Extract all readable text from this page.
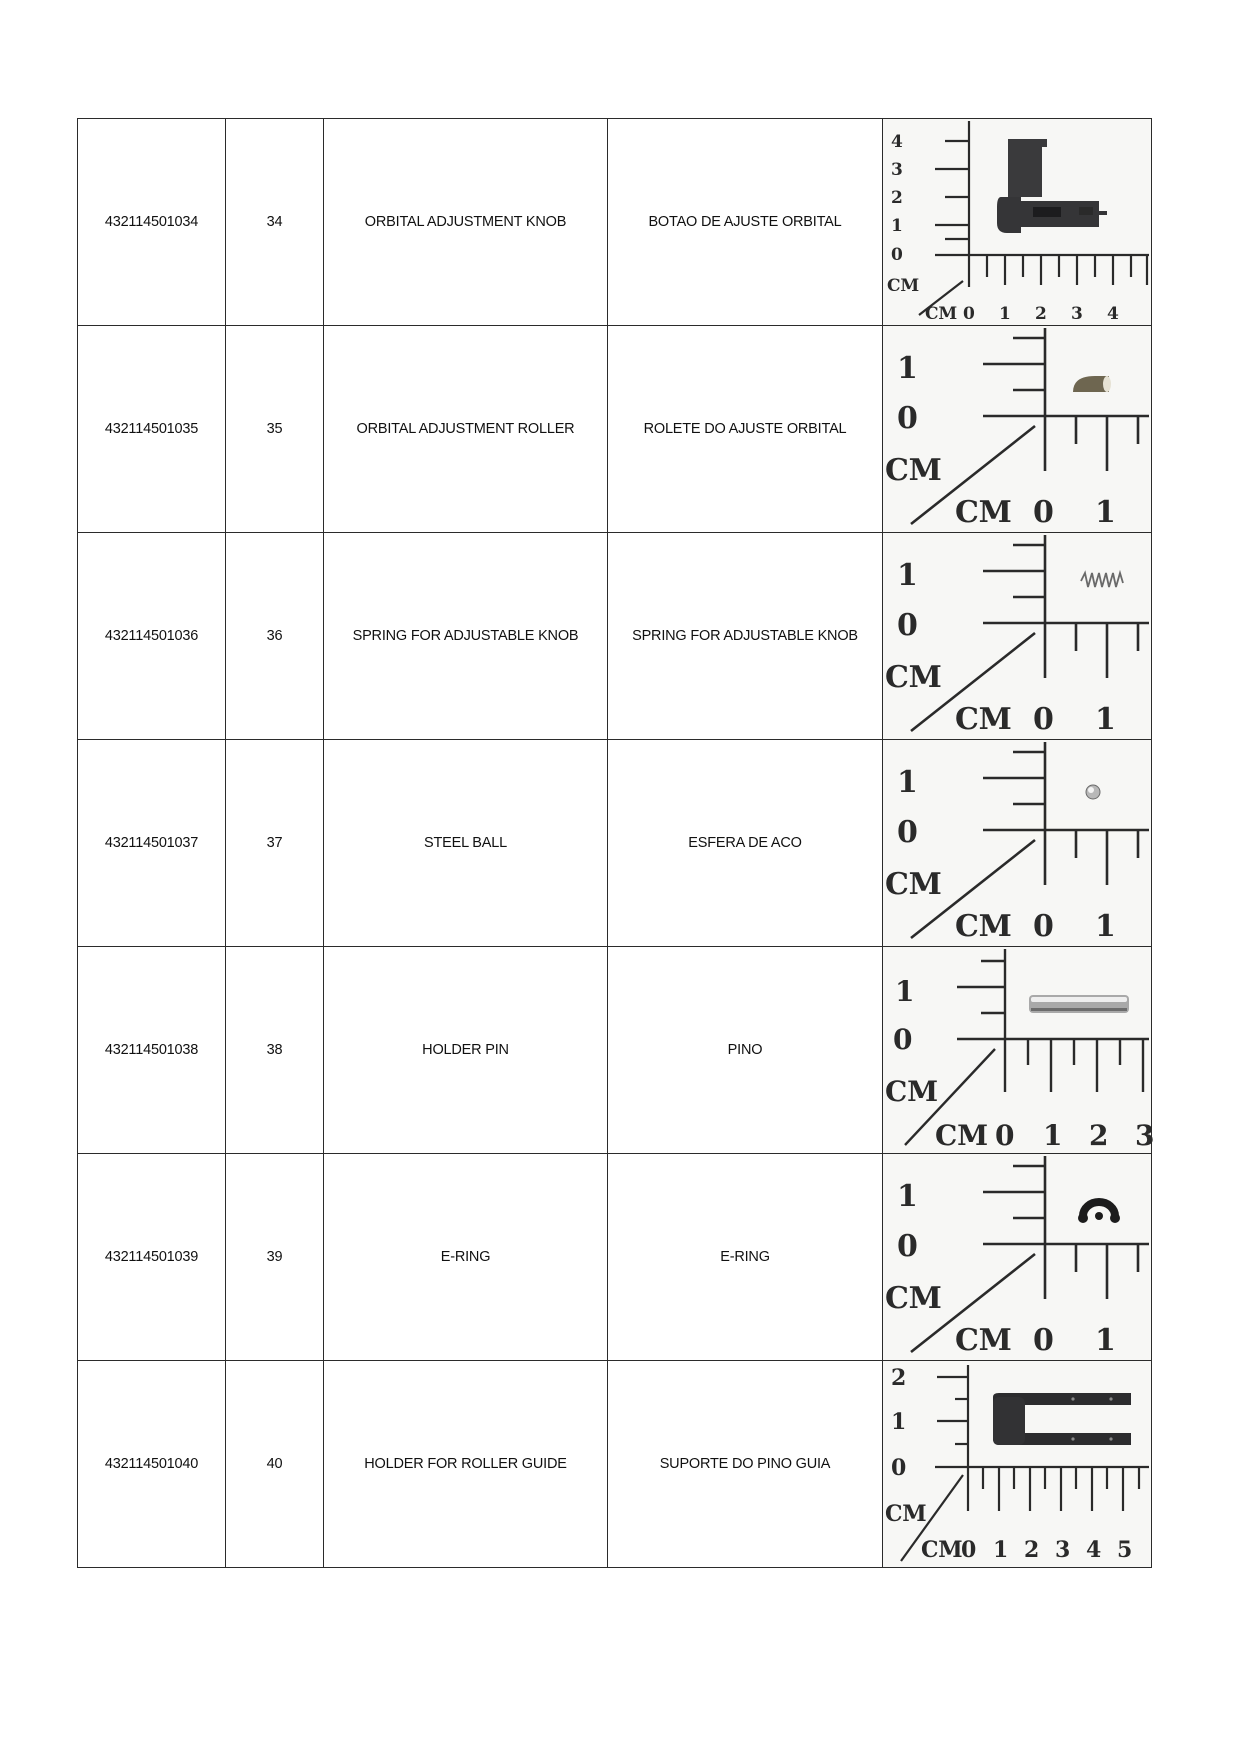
432114501034	34	ORBITAL ADJUSTMENT KNOB	BOTAO DE AJUSTE ORBITAL	
4
3
2
1
0
CM
CM 0 1 2 3 4

432114501035	35	ORBITAL ADJUSTMENT ROLLER	ROLETE DO AJUSTE ORBITAL	
1
0
CM
CM 0 1

432114501036	36	SPRING FOR ADJUSTABLE KNOB	SPRING FOR ADJUSTABLE KNOB	
1
0
CM
CM 0 1

432114501037	37	STEEL BALL	ESFERA DE ACO	
1
0
CM
CM 0 1

432114501038	38	HOLDER PIN	PINO	
1
0
CM
CM 0 1 2 3

432114501039	39	E-RING	E-RING	
1
0
CM
CM 0 1

432114501040	40	HOLDER FOR ROLLER GUIDE	SUPORTE DO PINO GUIA	
2
1
0
CM
CM
0 1 2 3 4 5
